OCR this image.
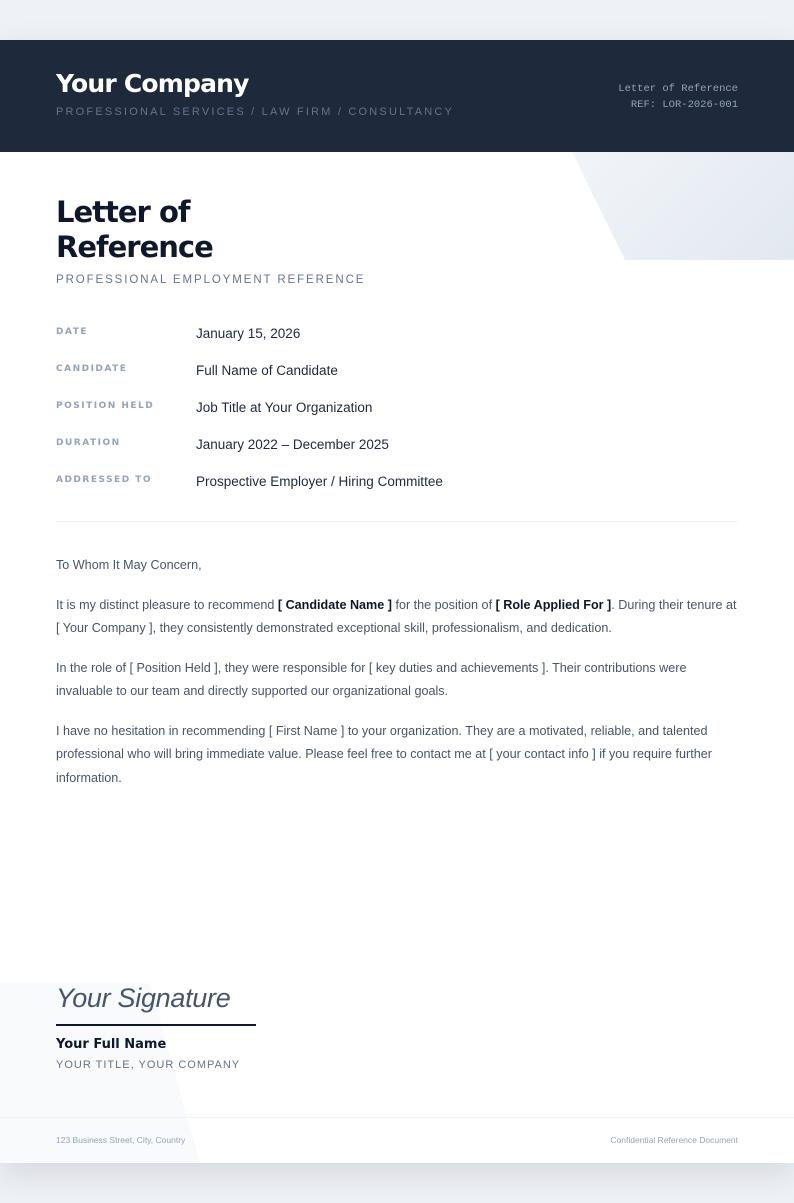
Your Company
PROFESSIONAL SERVICES / LAW FIRM / CONSULTANCY
Letter of Reference
REF: LOR-2026-001
Letter of
Reference
PROFESSIONAL EMPLOYMENT REFERENCE
DATE	January 15, 2026
CANDIDATE	Full Name of Candidate
POSITION HELD	Job Title at Your Organization
DURATION	January 2022 – December 2025
ADDRESSED TO	Prospective Employer / Hiring Committee

To Whom It May Concern,

It is my distinct pleasure to recommend [ Candidate Name ] for the position of [ Role Applied For ]. During their tenure at [ Your Company ], they consistently demonstrated exceptional skill, professionalism, and dedication.

In the role of [ Position Held ], they were responsible for [ key duties and achievements ]. Their contributions were invaluable to our team and directly supported our organizational goals.

I have no hesitation in recommending [ First Name ] to your organization. They are a motivated, reliable, and talented professional who will bring immediate value. Please feel free to contact me at [ your contact info ] if you require further information.

Your Signature
Your Full Name
YOUR TITLE, YOUR COMPANY
123 Business Street, City, Country	Confidential Reference Document
